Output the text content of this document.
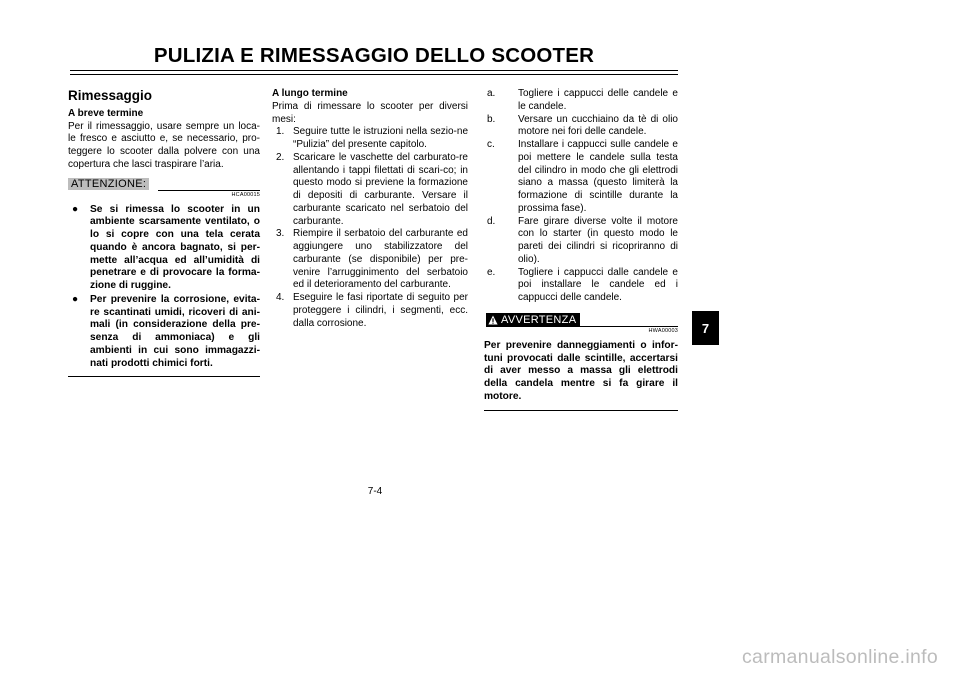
PULIZIA E RIMESSAGGIO DELLO SCOOTER
Rimessaggio
A breve termine
Per il rimessaggio, usare sempre un loca-le fresco e asciutto e, se necessario, pro-teggere lo scooter dalla polvere con una copertura che lasci traspirare l’aria.
ATTENZIONE:
HCA00015
● Se si rimessa lo scooter in un ambiente scarsamente ventilato, o lo si copre con una tela cerata quando è ancora bagnato, si per-mette all’acqua ed all’umidità di penetrare e di provocare la forma-zione di ruggine.
● Per prevenire la corrosione, evita-re scantinati umidi, ricoveri di ani-mali (in considerazione della pre-senza di ammoniaca) e gli ambienti in cui sono immagazzi-nati prodotti chimici forti.
A lungo termine
Prima di rimessare lo scooter per diversi mesi:
1. Seguire tutte le istruzioni nella sezio-ne “Pulizia” del presente capitolo.
2. Scaricare le vaschette del carburato-re allentando i tappi filettati di scari-co; in questo modo si previene la formazione di depositi di carburante. Versare il carburante scaricato nel serbatoio del carburante.
3. Riempire il serbatoio del carburante ed aggiungere uno stabilizzatore del carburante (se disponibile) per pre-venire l’arrugginimento del serbatoio ed il deterioramento del carburante.
4. Eseguire le fasi riportate di seguito per proteggere i cilindri, i segmenti, ecc. dalla corrosione.
a. Togliere i cappucci delle candele e le candele.
b. Versare un cucchiaino da tè di olio motore nei fori delle candele.
c. Installare i cappucci sulle candele e poi mettere le candele sulla testa del cilindro in modo che gli elettrodi siano a massa (questo limiterà la formazione di scintille durante la prossima fase).
d. Fare girare diverse volte il motore con lo starter (in questo modo le pareti dei cilindri si ricopriranno di olio).
e. Togliere i cappucci dalle candele e poi installare le candele ed i cappucci delle candele.
AVVERTENZA
HWA00003
Per prevenire danneggiamenti o infor-tuni provocati dalle scintille, accertarsi di aver messo a massa gli elettrodi della candela mentre si fa girare il motore.
7-4
7
carmanualsonline.info
